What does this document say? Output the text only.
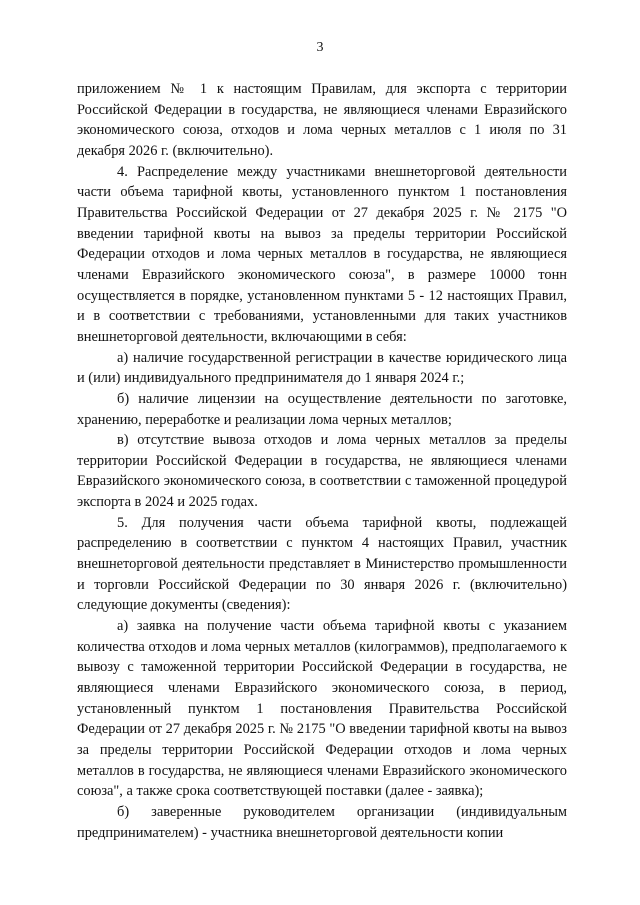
3

приложением № 1 к настоящим Правилам, для экспорта с территории Российской Федерации в государства, не являющиеся членами Евразийского экономического союза, отходов и лома черных металлов с 1 июля по 31 декабря 2026 г. (включительно).

4. Распределение между участниками внешнеторговой деятельности части объема тарифной квоты, установленного пунктом 1 постановления Правительства Российской Федерации от 27 декабря 2025 г. № 2175 "О введении тарифной квоты на вывоз за пределы территории Российской Федерации отходов и лома черных металлов в государства, не являющиеся членами Евразийского экономического союза", в размере 10000 тонн осуществляется в порядке, установленном пунктами 5 - 12 настоящих Правил, и в соответствии с требованиями, установленными для таких участников внешнеторговой деятельности, включающими в себя:

а) наличие государственной регистрации в качестве юридического лица и (или) индивидуального предпринимателя до 1 января 2024 г.;

б) наличие лицензии на осуществление деятельности по заготовке, хранению, переработке и реализации лома черных металлов;

в) отсутствие вывоза отходов и лома черных металлов за пределы территории Российской Федерации в государства, не являющиеся членами Евразийского экономического союза, в соответствии с таможенной процедурой экспорта в 2024 и 2025 годах.

5. Для получения части объема тарифной квоты, подлежащей распределению в соответствии с пунктом 4 настоящих Правил, участник внешнеторговой деятельности представляет в Министерство промышленности и торговли Российской Федерации по 30 января 2026 г. (включительно) следующие документы (сведения):

а) заявка на получение части объема тарифной квоты с указанием количества отходов и лома черных металлов (килограммов), предполагаемого к вывозу с таможенной территории Российской Федерации в государства, не являющиеся членами Евразийского экономического союза, в период, установленный пунктом 1 постановления Правительства Российской Федерации от 27 декабря 2025 г. № 2175 "О введении тарифной квоты на вывоз за пределы территории Российской Федерации отходов и лома черных металлов в государства, не являющиеся членами Евразийского экономического союза", а также срока соответствующей поставки (далее - заявка);

б) заверенные руководителем организации (индивидуальным предпринимателем) - участника внешнеторговой деятельности копии
